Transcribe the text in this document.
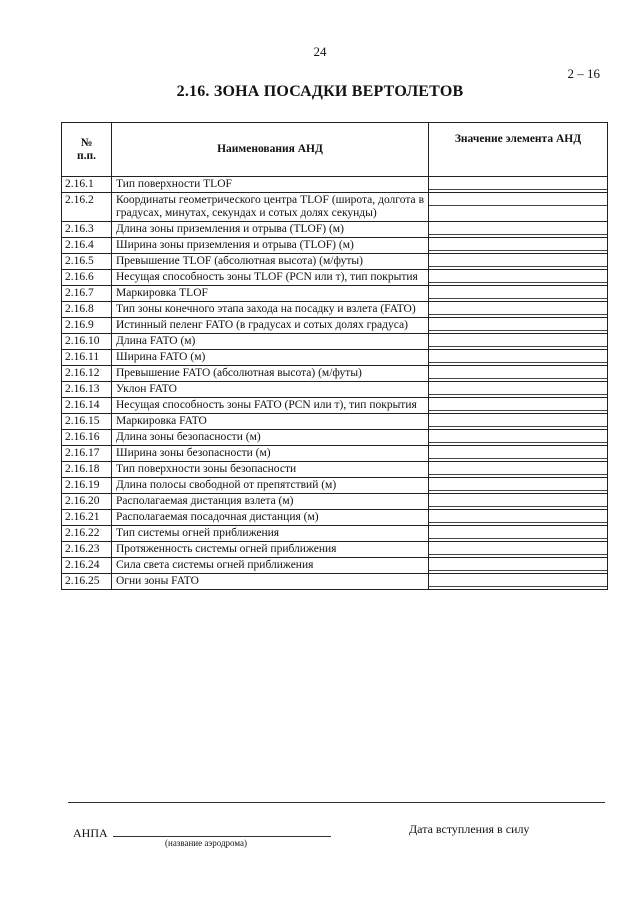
24
2 – 16
2.16. ЗОНА ПОСАДКИ ВЕРТОЛЕТОВ
№
п.п.	Наименования АНД	Значение элемента АНД
2.16.1	Тип поверхности TLOF	

2.16.2	Координаты геометрического центра TLOF (широта, долгота в градусах, минутах, секундах и сотых долях секунды)	

2.16.3	Длина зоны приземления и отрыва (TLOF) (м)	

2.16.4	Ширина зоны приземления и отрыва (TLOF) (м)	

2.16.5	Превышение TLOF (абсолютная высота) (м/футы)	

2.16.6	Несущая способность зоны TLOF (PCN или т), тип покрытия	

2.16.7	Маркировка TLOF	

2.16.8	Тип зоны конечного этапа захода на посадку и взлета (FATO)	

2.16.9	Истинный пеленг FATO (в градусах и сотых долях градуса)	

2.16.10	Длина FATO (м)	

2.16.11	Ширина FATO (м)	

2.16.12	Превышение FATO (абсолютная высота) (м/футы)	

2.16.13	Уклон FATO	

2.16.14	Несущая способность зоны FATO (PCN или т), тип покрытия	

2.16.15	Маркировка FATO	

2.16.16	Длина зоны безопасности (м)	

2.16.17	Ширина зоны безопасности (м)	

2.16.18	Тип поверхности зоны безопасности	

2.16.19	Длина полосы свободной от препятствий (м)	

2.16.20	Располагаемая дистанция взлета (м)	

2.16.21	Располагаемая посадочная дистанция (м)	

2.16.22	Тип системы огней приближения	

2.16.23	Протяженность системы огней приближения	

2.16.24	Сила света системы огней приближения	

2.16.25	Огни зоны FATO	
АНПА
(название аэродрома)
Дата вступления в силу
